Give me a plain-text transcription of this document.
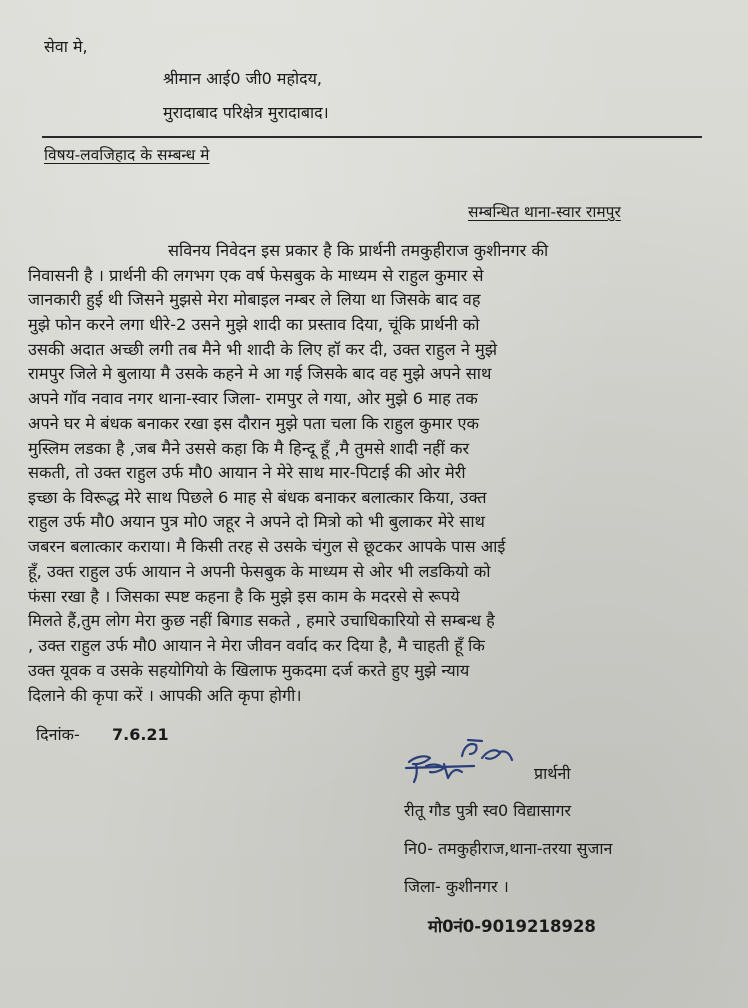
सेवा मे,
श्रीमान आई0 जी0 महोदय,
मुरादाबाद परिक्षेत्र मुरादाबाद।
विषय-लवजिहाद के सम्बन्ध मे
सम्बन्धित थाना-स्वार रामपुर
सविनय निवेदन इस प्रकार है कि प्रार्थनी तमकुहीराज कुशीनगर की
निवासनी है । प्रार्थनी की लगभग एक वर्ष फेसबुक के माध्यम से राहुल कुमार से
जानकारी हुई थी जिसने मुझसे मेरा मोबाइल नम्बर ले लिया था जिसके बाद वह
मुझे फोन करने लगा धीरे-2 उसने मुझे शादी का प्रस्ताव दिया, चूंकि प्रार्थनी को
उसकी अदात अच्छी लगी तब मैने भी शादी के लिए हॉ कर दी, उक्त राहुल ने मुझे
रामपुर जिले मे बुलाया मै उसके कहने मे आ गई जिसके बाद वह मुझे अपने साथ
अपने गॉव नवाव नगर थाना-स्वार जिला- रामपुर ले गया, ओर मुझे 6 माह तक
अपने घर मे बंधक बनाकर रखा इस दौरान मुझे पता चला कि राहुल कुमार एक
मुस्लिम लडका है ,जब मैने उससे कहा कि मै हिन्दू हूँ ,मै तुमसे शादी नहीं कर
सकती, तो उक्त राहुल उर्फ मौ0 आयान ने मेरे साथ मार-पिटाई की ओर मेरी
इच्छा के विरूद्ध मेरे साथ पिछले 6 माह से बंधक बनाकर बलात्कार किया, उक्त
राहुल उर्फ मौ0 अयान पुत्र मो0 जहूर ने अपने दो मित्रो को भी बुलाकर मेरे साथ
जबरन बलात्कार कराया। मै किसी तरह से उसके चंगुल से छूटकर आपके पास आई
हूँ, उक्त राहुल उर्फ आयान ने अपनी फेसबुक के माध्यम से ओर भी लडकियो को
फंसा रखा है । जिसका स्पष्ट कहना है कि मुझे इस काम के मदरसे से रूपये
मिलते हैं,तुम लोग मेरा कुछ नहीं बिगाड सकते , हमारे उचाधिकारियो से सम्बन्ध है
, उक्त राहुल उर्फ मौ0 आयान ने मेरा जीवन वर्वाद कर दिया है, मै चाहती हूँ कि
उक्त यूवक व उसके सहयोगियो के खिलाफ मुकदमा दर्ज करते हुए मुझे न्याय
दिलाने की कृपा करें । आपकी अति कृपा होगी।
दिनांक- 7.6.21
प्रार्थनी
रीतू गौड पुत्री स्व0 विद्यासागर
नि0- तमकुहीराज,थाना-तरया सुजान
जिला- कुशीनगर ।
मो0नं0-9019218928
